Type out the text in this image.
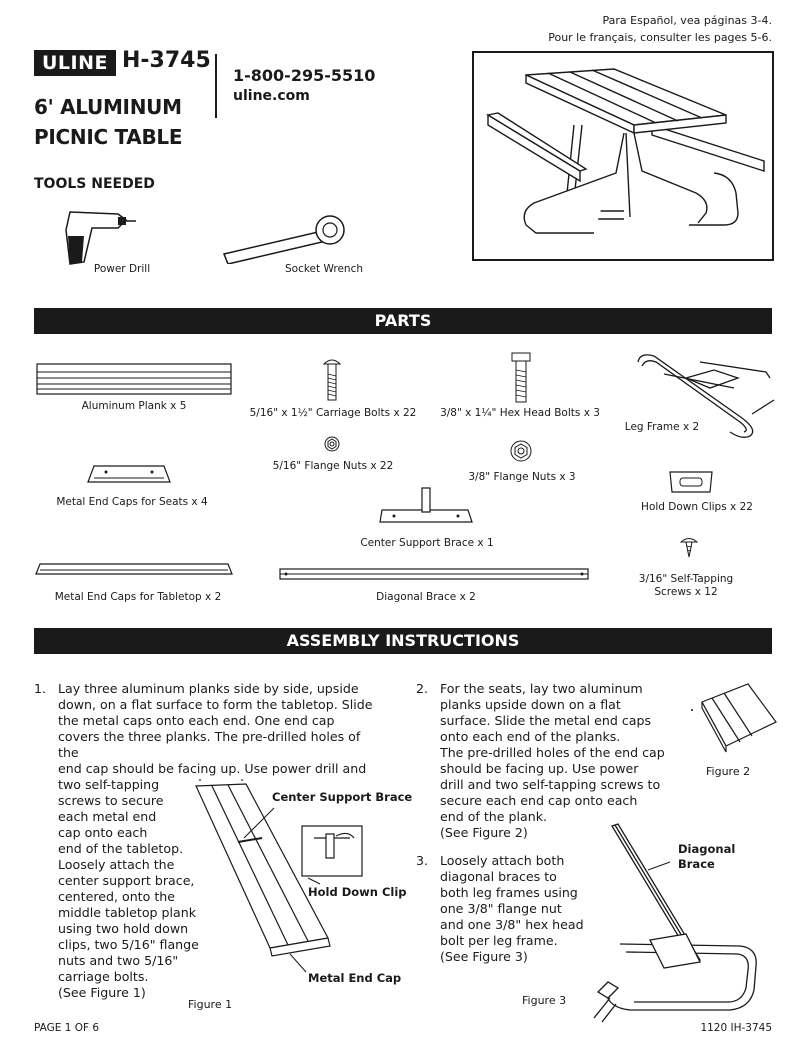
Para Español, vea páginas 3-4.
Pour le français, consulter les pages 5-6.
ULINE H-3745
6' ALUMINUM
PICNIC TABLE
1-800-295-5510
uline.com
TOOLS NEEDED
Power Drill	Socket Wrench
PARTS
Aluminum Plank x 5
5/16" x 1½" Carriage Bolts x 22	3/8" x 1¼" Hex Head Bolts x 3
Leg Frame x 2
5/16" Flange Nuts x 22
3/8" Flange Nuts x 3
Metal End Caps for Seats x 4	Hold Down Clips x 22
Center Support Brace x 1
3/16" Self-Tapping
Screws x 12
Metal End Caps for Tabletop x 2	Diagonal Brace x 2
ASSEMBLY INSTRUCTIONS
1. Lay three aluminum planks side by side, upside
down, on a flat surface to form the tabletop. Slide
the metal caps onto each end. One end cap
covers the three planks. The pre-drilled holes of the
end cap should be facing up. Use power drill and
two self-tapping
screws to secure
each metal end
cap onto each
end of the tabletop.
Loosely attach the
center support brace,
centered, onto the
middle tabletop plank
using two hold down
clips, two 5/16" flange
nuts and two 5/16"
carriage bolts.
(See Figure 1)
Center Support Brace
Hold Down Clip
Metal End Cap
Figure 1
2. For the seats, lay two aluminum
planks upside down on a flat
surface. Slide the metal end caps
onto each end of the planks.
The pre-drilled holes of the end cap
should be facing up. Use power
drill and two self-tapping screws to
secure each end cap onto each
end of the plank.
(See Figure 2)
Figure 2
3. Loosely attach both
diagonal braces to
both leg frames using
one 3/8" flange nut
and one 3/8" hex head
bolt per leg frame.
(See Figure 3)
Diagonal
Brace
Figure 3
PAGE 1 OF 6	1120 IH-3745
